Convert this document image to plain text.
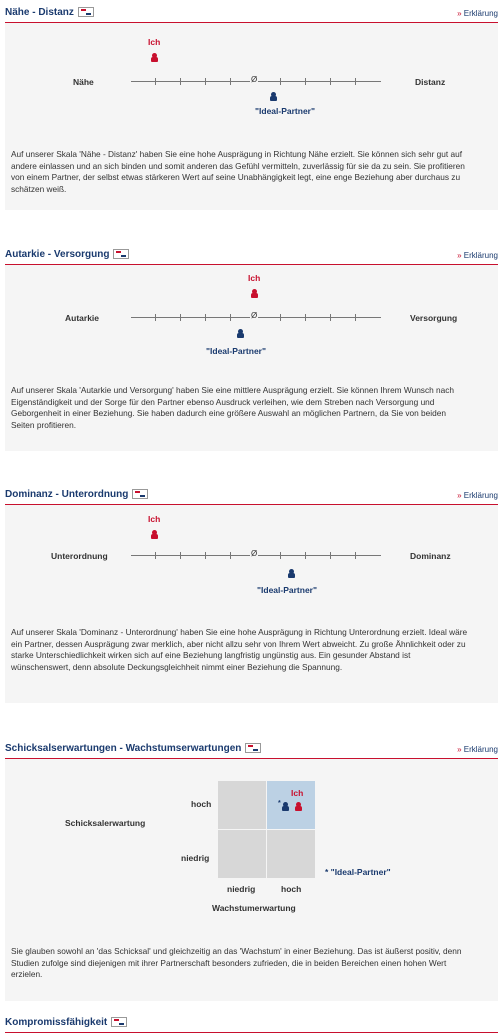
Nähe - Distanz	» Erklärung
Ich
Nähe	Distanz
Ø
"Ideal-Partner"
Auf unserer Skala 'Nähe - Distanz' haben Sie eine hohe Ausprägung in Richtung Nähe erzielt. Sie können sich sehr gut auf andere einlassen und an sich binden und somit anderen das Gefühl vermitteln, zuverlässig für sie da zu sein. Sie profitieren von einem Partner, der selbst etwas stärkeren Wert auf seine Unabhängigkeit legt, eine enge Beziehung aber durchaus zu schätzen weiß.
Autarkie - Versorgung	» Erklärung
Ich
Autarkie	Versorgung
Ø
"Ideal-Partner"
Auf unserer Skala 'Autarkie und Versorgung' haben Sie eine mittlere Ausprägung erzielt. Sie können Ihrem Wunsch nach Eigenständigkeit und der Sorge für den Partner ebenso Ausdruck verleihen, wie dem Streben nach Versorgung und Geborgenheit in einer Beziehung. Sie haben dadurch eine größere Auswahl an möglichen Partnern, da Sie von beiden Seiten profitieren.
Dominanz - Unterordnung	» Erklärung
Ich
Unterordnung	Dominanz
Ø
"Ideal-Partner"
Auf unserer Skala 'Dominanz - Unterordnung' haben Sie eine hohe Ausprägung in Richtung Unterordnung erzielt. Ideal wäre ein Partner, dessen Ausprägung zwar merklich, aber nicht allzu sehr von Ihrem Wert abweicht. Zu große Ähnlichkeit oder zu starke Unterschiedlichkeit wirken sich auf eine Beziehung langfristig ungünstig aus. Ein gesunder Abstand ist wünschenswert, denn absolute Deckungsgleichheit nimmt einer Beziehung die Spannung.
Schicksalserwartungen - Wachstumserwartungen	» Erklärung
Schicksalerwartung
hoch
niedrig
Ich
*
niedrig	hoch
Wachstumerwartung
* "Ideal-Partner"
Sie glauben sowohl an 'das Schicksal' und gleichzeitig an das 'Wachstum' in einer Beziehung. Das ist äußerst positiv, denn Studien zufolge sind diejenigen mit ihrer Partnerschaft besonders zufrieden, die in beiden Bereichen einen hohen Wert erzielen.
Kompromissfähigkeit
